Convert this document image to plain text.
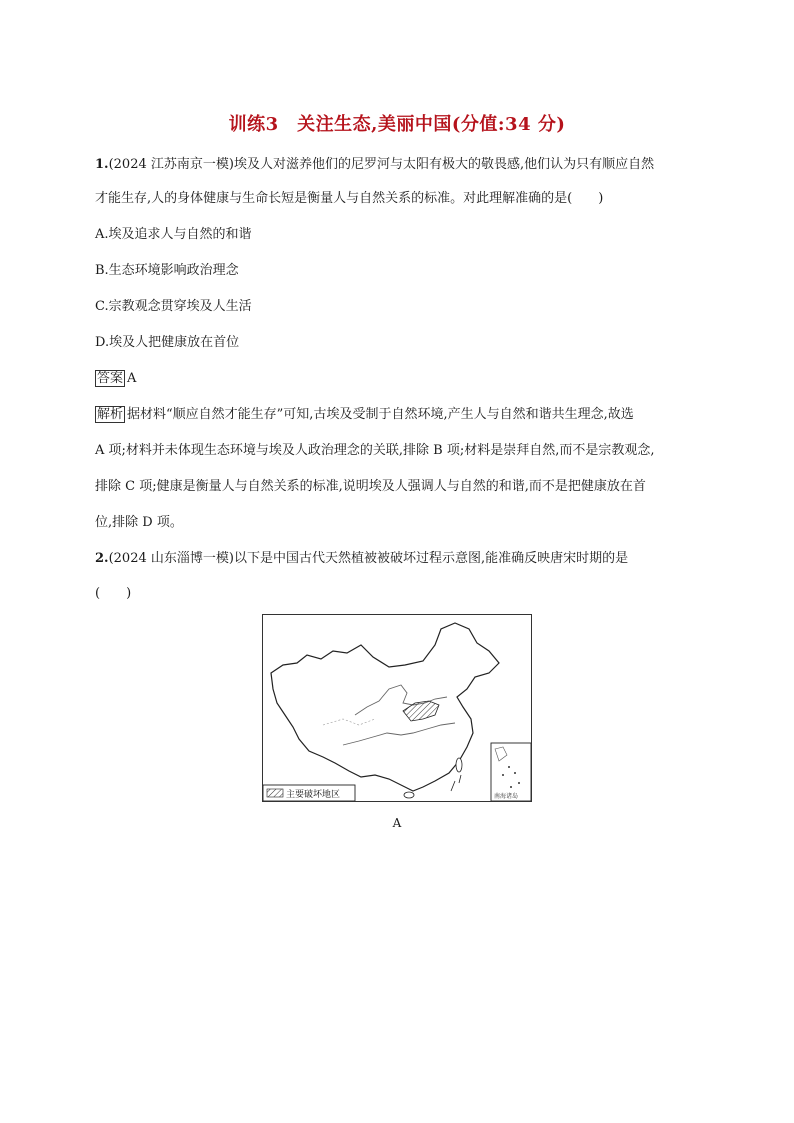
训练3　关注生态,美丽中国(分值:34 分)
1.(2024 江苏南京一模)埃及人对滋养他们的尼罗河与太阳有极大的敬畏感,他们认为只有顺应自然
才能生存,人的身体健康与生命长短是衡量人与自然关系的标准。对此理解准确的是(　　)
A.埃及追求人与自然的和谐
B.生态环境影响政治理念
C.宗教观念贯穿埃及人生活
D.埃及人把健康放在首位
答案 A
解析 据材料“顺应自然才能生存”可知,古埃及受制于自然环境,产生人与自然和谐共生理念,故选
A 项;材料并未体现生态环境与埃及人政治理念的关联,排除 B 项;材料是崇拜自然,而不是宗教观念,
排除 C 项;健康是衡量人与自然关系的标准,说明埃及人强调人与自然的和谐,而不是把健康放在首
位,排除 D 项。
2.(2024 山东淄博一模)以下是中国古代天然植被被破坏过程示意图,能准确反映唐宋时期的是
(　　)
南海诸岛
主要破坏地区
A
